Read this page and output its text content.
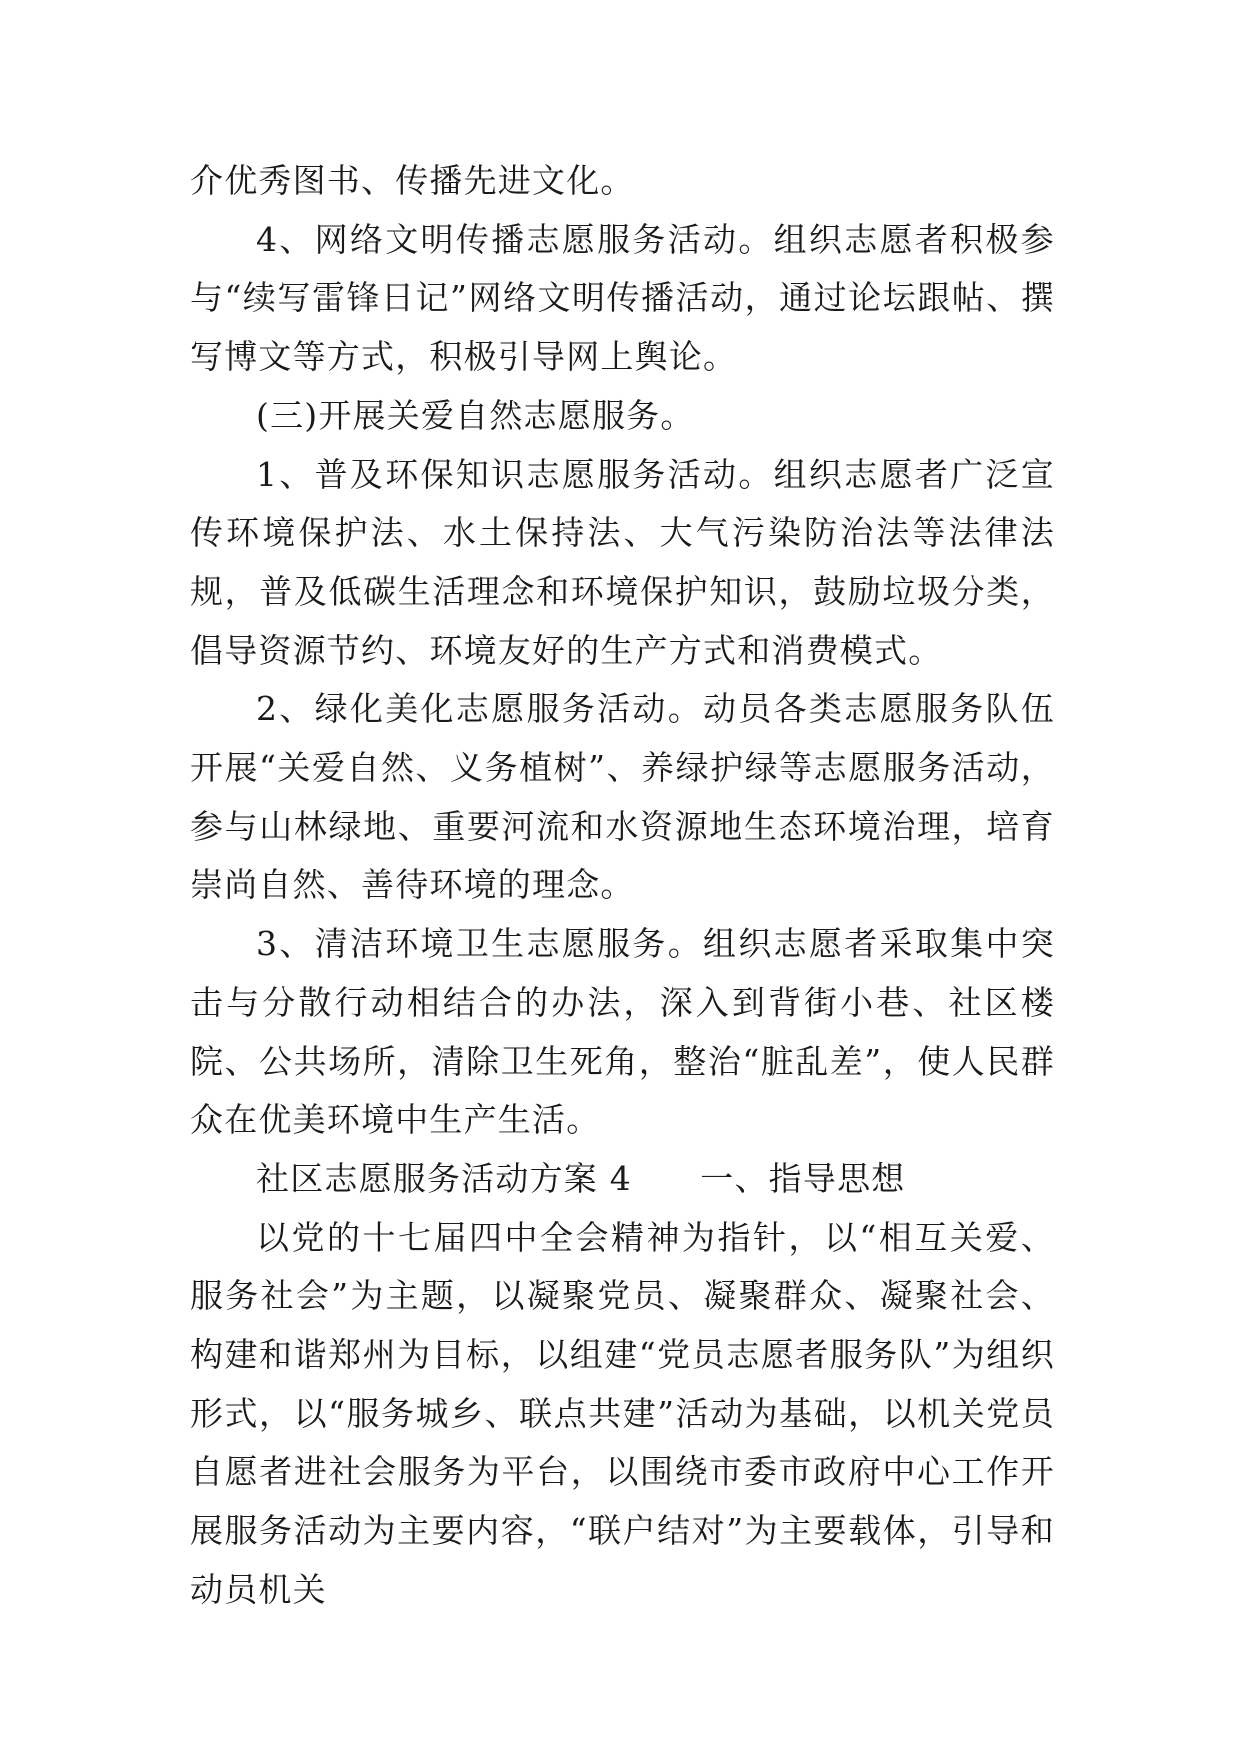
介优秀图书、传播先进文化。

4、网络文明传播志愿服务活动。组织志愿者积极参与“续写雷锋日记”网络文明传播活动，通过论坛跟帖、撰写博文等方式，积极引导网上舆论。

(三)开展关爱自然志愿服务。

1、普及环保知识志愿服务活动。组织志愿者广泛宣传环境保护法、水土保持法、大气污染防治法等法律法规，普及低碳生活理念和环境保护知识，鼓励垃圾分类，倡导资源节约、环境友好的生产方式和消费模式。

2、绿化美化志愿服务活动。动员各类志愿服务队伍开展“关爱自然、义务植树”、养绿护绿等志愿服务活动，参与山林绿地、重要河流和水资源地生态环境治理，培育崇尚自然、善待环境的理念。

3、清洁环境卫生志愿服务。组织志愿者采取集中突击与分散行动相结合的办法，深入到背街小巷、社区楼院、公共场所，清除卫生死角，整治“脏乱差”，使人民群众在优美环境中生产生活。

社区志愿服务活动方案 4　　一、指导思想

以党的十七届四中全会精神为指针，以“相互关爱、服务社会”为主题，以凝聚党员、凝聚群众、凝聚社会、构建和谐郑州为目标，以组建“党员志愿者服务队”为组织形式，以“服务城乡、联点共建”活动为基础，以机关党员自愿者进社会服务为平台，以围绕市委市政府中心工作开展服务活动为主要内容，“联户结对”为主要载体，引导和动员机关
